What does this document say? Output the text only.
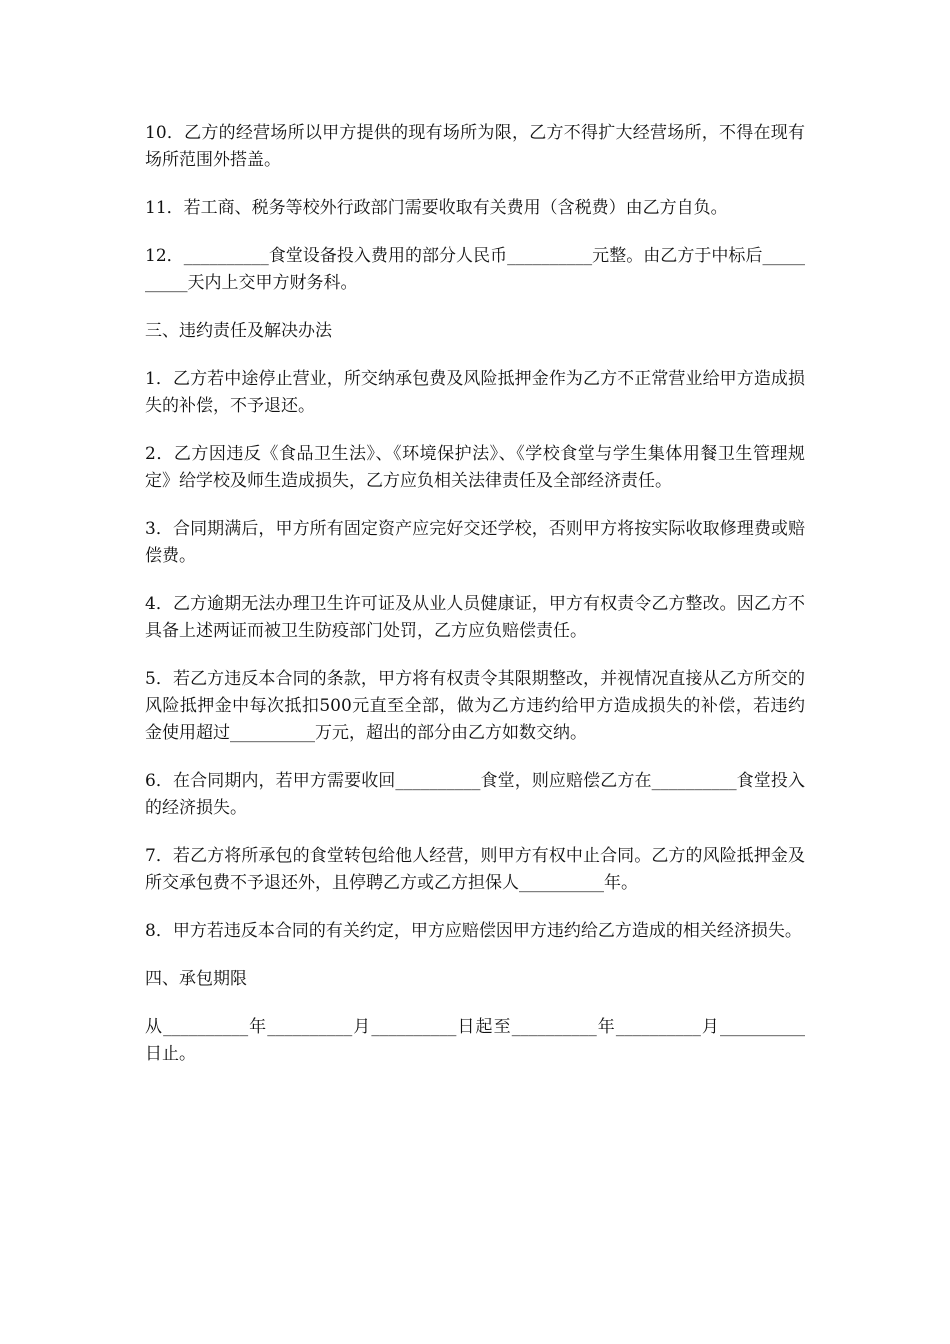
10．乙方的经营场所以甲方提供的现有场所为限，乙方不得扩大经营场所，不得在现有场所范围外搭盖。

11．若工商、税务等校外行政部门需要收取有关费用（含税费）由乙方自负。

12．__________食堂设备投入费用的部分人民币__________元整。由乙方于中标后__________天内上交甲方财务科。

三、违约责任及解决办法

1．乙方若中途停止营业，所交纳承包费及风险抵押金作为乙方不正常营业给甲方造成损失的补偿，不予退还。

2．乙方因违反《食品卫生法》、《环境保护法》、《学校食堂与学生集体用餐卫生管理规定》给学校及师生造成损失，乙方应负相关法律责任及全部经济责任。

3．合同期满后，甲方所有固定资产应完好交还学校，否则甲方将按实际收取修理费或赔偿费。

4．乙方逾期无法办理卫生许可证及从业人员健康证，甲方有权责令乙方整改。因乙方不具备上述两证而被卫生防疫部门处罚，乙方应负赔偿责任。

5．若乙方违反本合同的条款，甲方将有权责令其限期整改，并视情况直接从乙方所交的风险抵押金中每次抵扣500元直至全部，做为乙方违约给甲方造成损失的补偿，若违约金使用超过__________万元，超出的部分由乙方如数交纳。

6．在合同期内，若甲方需要收回__________食堂，则应赔偿乙方在__________食堂投入的经济损失。

7．若乙方将所承包的食堂转包给他人经营，则甲方有权中止合同。乙方的风险抵押金及所交承包费不予退还外，且停聘乙方或乙方担保人__________年。

8．甲方若违反本合同的有关约定，甲方应赔偿因甲方违约给乙方造成的相关经济损失。

四、承包期限

从__________年__________月__________日起至__________年__________月__________日止。
